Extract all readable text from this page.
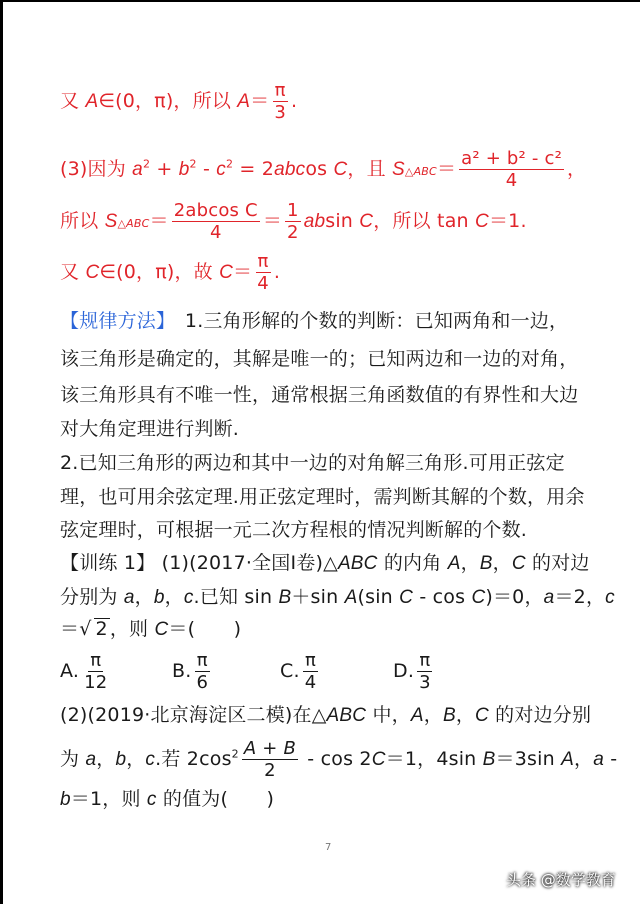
又 A∈(0，π)，所以 $A= \frac{\pi}{3}$ .
(3)因为 $a^2 + b^2 - c^2 = 2abcos$ C，且 S△ABC＝ $\frac{\text{a² + b² - c²}}{4}$ ，
所以 S△ABC＝ $\frac{\text{2abcos C}}{4} = \frac{1}{2}$ absin C，所以 tan C＝1.
又 C∈(0，π)，故 $C= \frac{\pi}{4}$ .
【规律方法】　1.三角形解的个数的判断：已知两角和一边，
该三角形是确定的，其解是唯一的；已知两边和一边的对角，
该三角形具有不唯一性，通常根据三角函数值的有界性和大边
对大角定理进行判断.
2.已知三角形的两边和其中一边的对角解三角形.可用正弦定
理，也可用余弦定理.用正弦定理时，需判断其解的个数，用余
弦定理时，可根据一元二次方程根的情况判断解的个数.
【训练 1】 (1)(2017·全国Ⅰ卷)△ABC 的内角 A，B，C 的对边
分别为 a，b，c.已知 sin B＋sin A(sin C - cos C)＝0，a＝2，c
＝√ 2 ，则 C＝(　　)
A. $\frac{\pi}{12}$	B. $\frac{\pi}{6}$	C. $\frac{\pi}{4}$	D. $\frac{\pi}{3}$
(2)(2019·北京海淀区二模)在△ABC 中，A，B，C 的对边分别
为 a，b，c.若 $2\cos^2 \frac{A + B}{2} - \cos 2C=1$，4sin B＝3sin A，a -
b＝1，则 c 的值为(　　)
7
头条 @数学教育
